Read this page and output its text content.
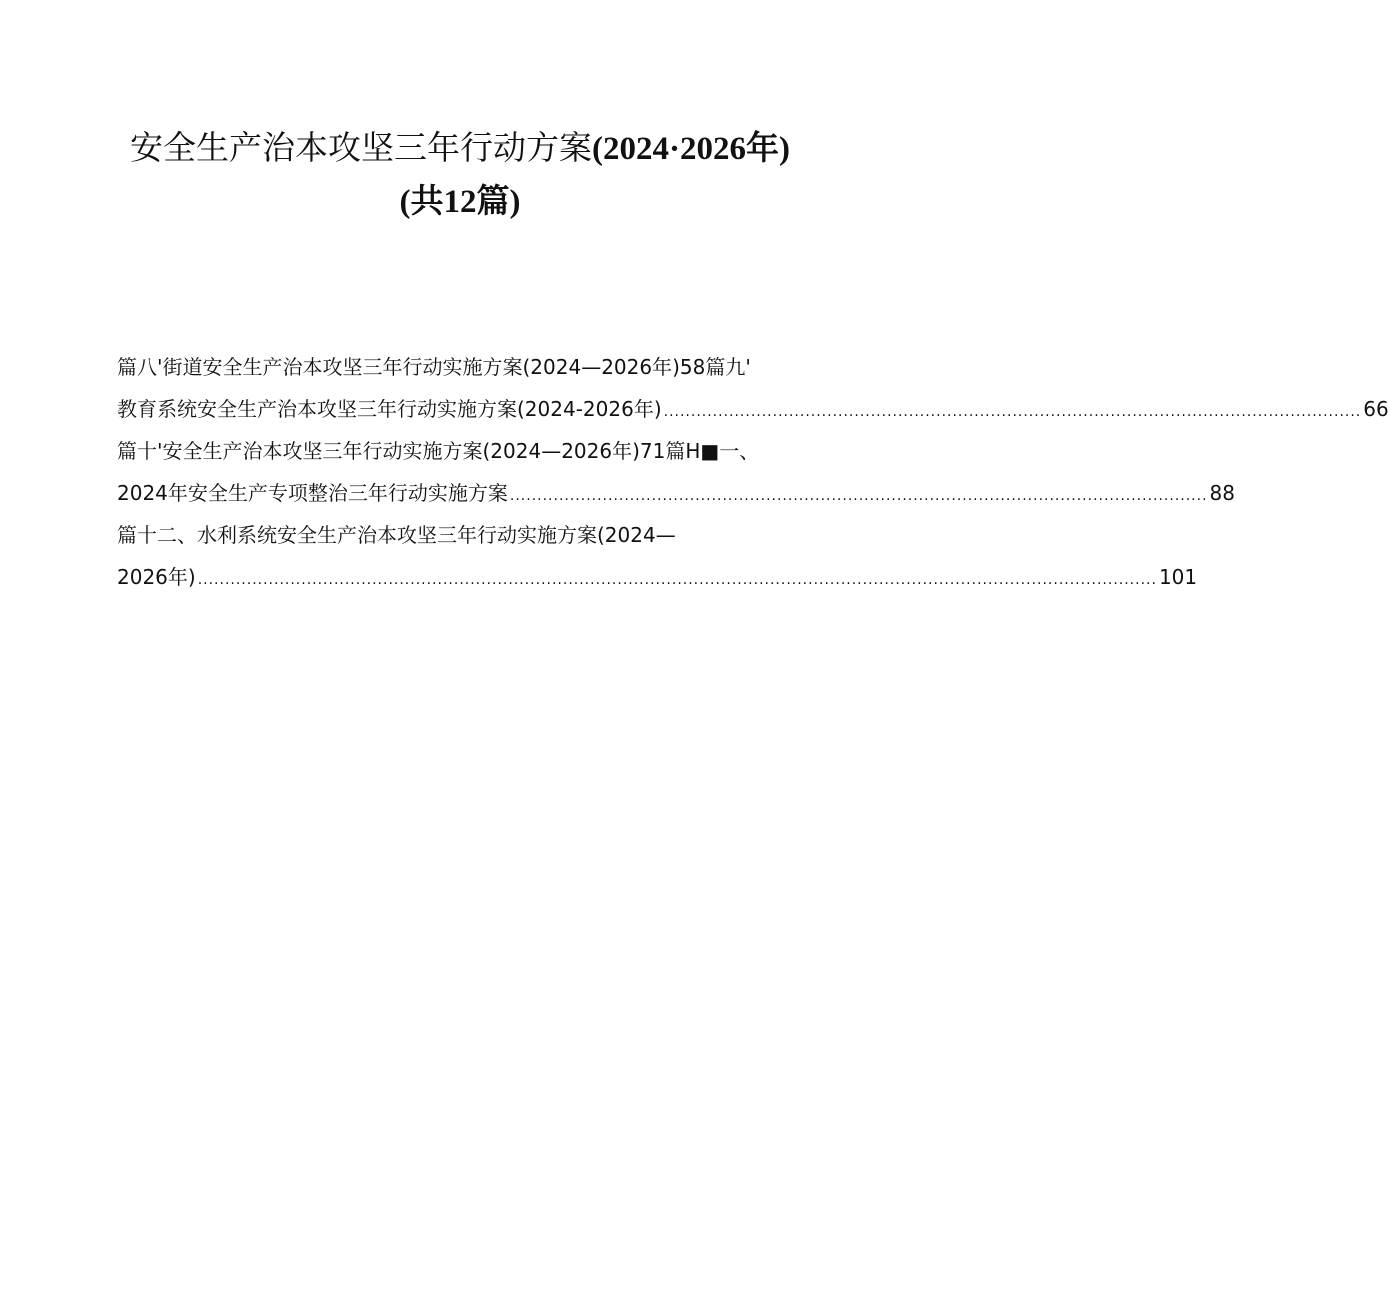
安全生产治本攻坚三年行动方案(2024·2026年)
(共12篇)
篇八'街道安全生产治本攻坚三年行动实施方案(2024—2026年)58篇九'
教育系统安全生产治本攻坚三年行动实施方案(2024-2026年) ................................................................................................................................ 66
篇十'安全生产治本攻坚三年行动实施方案(2024—2026年)71篇H■一、
2024年安全生产专项整治三年行动实施方案 ................................................................................................................................ 88
篇十二、水利系统安全生产治本攻坚三年行动实施方案(2024—
2026年) ................................................................................................................................................................................ 101
